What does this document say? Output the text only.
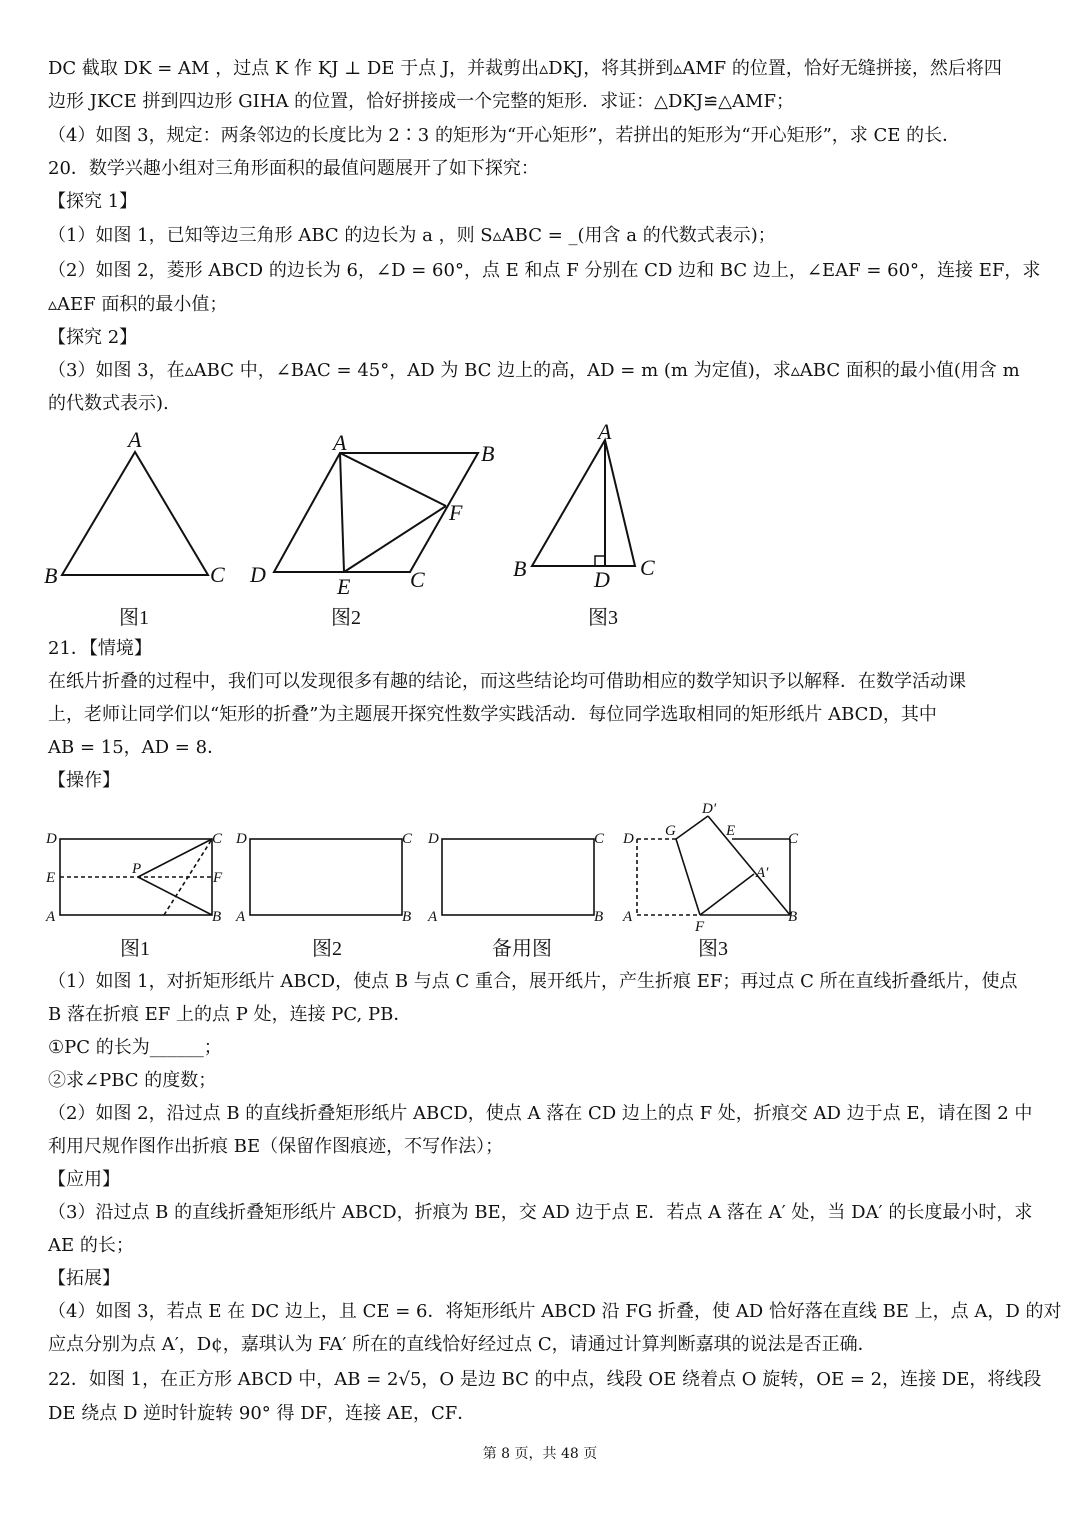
DC 截取 DK = AM ，过点 K 作 KJ ⊥ DE 于点 J，并裁剪出▵DKJ，将其拼到▵AMF 的位置，恰好无缝拼接，然后将四
边形 JKCE 拼到四边形 GIHA 的位置，恰好拼接成一个完整的矩形．求证：△DKJ≌△AMF；
（4）如图 3，规定：两条邻边的长度比为 2∶3 的矩形为“开心矩形”，若拼出的矩形为“开心矩形”，求 CE 的长．
20．数学兴趣小组对三角形面积的最值问题展开了如下探究：
【探究 1】
（1）如图 1，已知等边三角形 ABC 的边长为 a ，则 S▵ABC = _(用含 a 的代数式表示)；
（2）如图 2，菱形 ABCD 的边长为 6，∠D = 60°，点 E 和点 F 分别在 CD 边和 BC 边上，∠EAF = 60°，连接 EF，求
▵AEF 面积的最小值；
【探究 2】
（3）如图 3，在▵ABC 中，∠BAC = 45°，AD 为 BC 边上的高，AD = m (m 为定值)，求▵ABC 面积的最小值(用含 m
的代数式表示).
A
B	C
A	B
C
D	E
F
A
B	C
D
图1	图2	图3
21．【情境】
在纸片折叠的过程中，我们可以发现很多有趣的结论，而这些结论均可借助相应的数学知识予以解释．在数学活动课
上，老师让同学们以“矩形的折叠”为主题展开探究性数学实践活动．每位同学选取相同的矩形纸片 ABCD，其中
AB = 15，AD = 8．
【操作】
D	C
E	F
A	B
P
D	C
A	B
D	C
A	B
D	C
A	B
G	E
D′
A′
F
图1	图2	备用图	图3
（1）如图 1，对折矩形纸片 ABCD，使点 B 与点 C 重合，展开纸片，产生折痕 EF；再过点 C 所在直线折叠纸片，使点
B 落在折痕 EF 上的点 P 处，连接 PC, PB．
①PC 的长为______；
②求∠PBC 的度数；
（2）如图 2，沿过点 B 的直线折叠矩形纸片 ABCD，使点 A 落在 CD 边上的点 F 处，折痕交 AD 边于点 E，请在图 2 中
利用尺规作图作出折痕 BE（保留作图痕迹，不写作法）；
【应用】
（3）沿过点 B 的直线折叠矩形纸片 ABCD，折痕为 BE，交 AD 边于点 E．若点 A 落在 A′ 处，当 DA′ 的长度最小时，求
AE 的长；
【拓展】
（4）如图 3，若点 E 在 DC 边上，且 CE = 6．将矩形纸片 ABCD 沿 FG 折叠，使 AD 恰好落在直线 BE 上，点 A，D 的对
应点分别为点 A′，D¢，嘉琪认为 FA′ 所在的直线恰好经过点 C，请通过计算判断嘉琪的说法是否正确．
22．如图 1，在正方形 ABCD 中，AB = 2√5，O 是边 BC 的中点，线段 OE 绕着点 O 旋转，OE = 2，连接 DE，将线段
DE 绕点 D 逆时针旋转 90° 得 DF，连接 AE，CF．
第 8 页，共 48 页
